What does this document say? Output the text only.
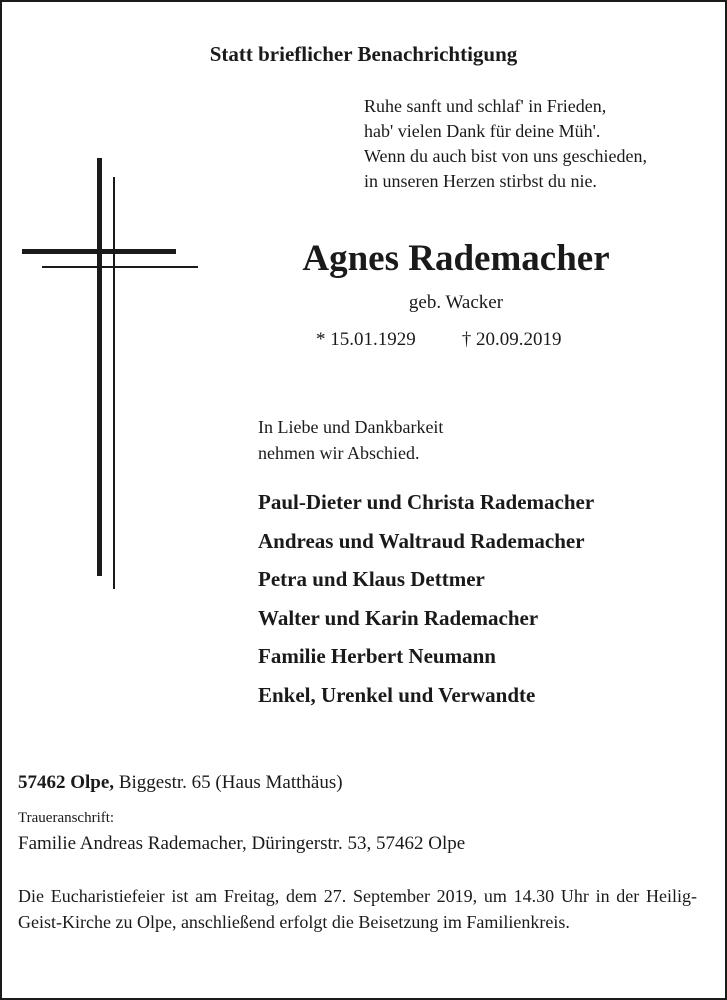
Statt brieflicher Benachrichtigung
Ruhe sanft und schlaf' in Frieden,
hab' vielen Dank für deine Müh'.
Wenn du auch bist von uns geschieden,
in unseren Herzen stirbst du nie.
Agnes Rademacher
geb. Wacker
* 15.01.1929 † 20.09.2019
In Liebe und Dankbarkeit
nehmen wir Abschied.
Paul-Dieter und Christa Rademacher
Andreas und Waltraud Rademacher
Petra und Klaus Dettmer
Walter und Karin Rademacher
Familie Herbert Neumann
Enkel, Urenkel und Verwandte
57462 Olpe, Biggestr. 65 (Haus Matthäus)
Traueranschrift:
Familie Andreas Rademacher, Düringerstr. 53, 57462 Olpe
Die Eucharistiefeier ist am Freitag, dem 27. September 2019, um 14.30 Uhr in der Heilig-Geist-Kirche zu Olpe, anschließend erfolgt die Beisetzung im Familienkreis.
